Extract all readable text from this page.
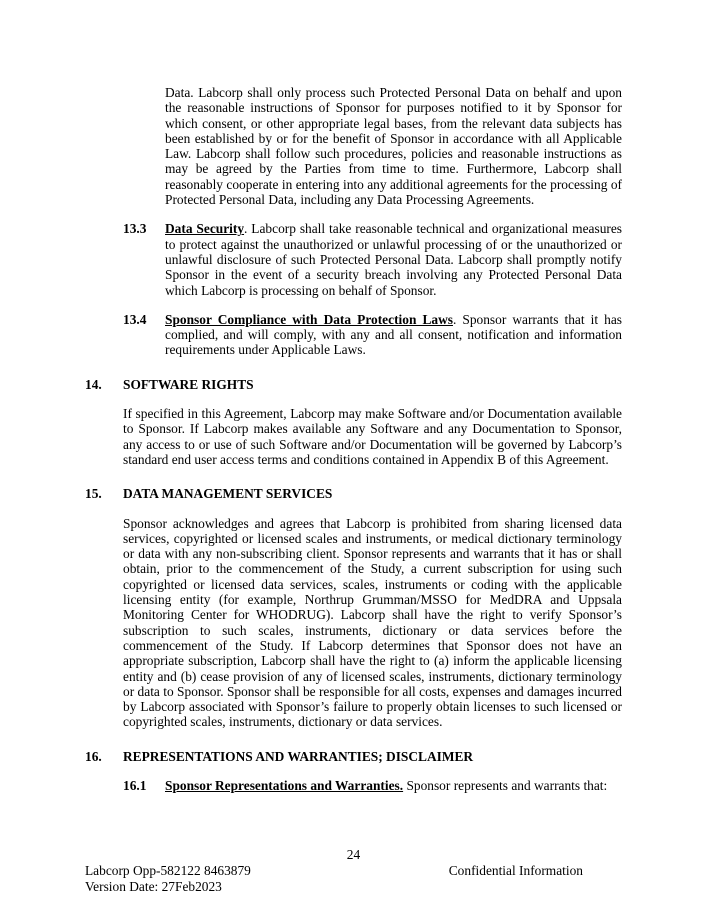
Data. Labcorp shall only process such Protected Personal Data on behalf and upon the reasonable instructions of Sponsor for purposes notified to it by Sponsor for which consent, or other appropriate legal bases, from the relevant data subjects has been established by or for the benefit of Sponsor in accordance with all Applicable Law. Labcorp shall follow such procedures, policies and reasonable instructions as may be agreed by the Parties from time to time. Furthermore, Labcorp shall reasonably cooperate in entering into any additional agreements for the processing of Protected Personal Data, including any Data Processing Agreements.

13.3	Data Security. Labcorp shall take reasonable technical and organizational measures to protect against the unauthorized or unlawful processing of or the unauthorized or unlawful disclosure of such Protected Personal Data. Labcorp shall promptly notify Sponsor in the event of a security breach involving any Protected Personal Data which Labcorp is processing on behalf of Sponsor.

13.4	Sponsor Compliance with Data Protection Laws. Sponsor warrants that it has complied, and will comply, with any and all consent, notification and information requirements under Applicable Laws.

14.	SOFTWARE RIGHTS

If specified in this Agreement, Labcorp may make Software and/or Documentation available to Sponsor. If Labcorp makes available any Software and any Documentation to Sponsor, any access to or use of such Software and/or Documentation will be governed by Labcorp’s standard end user access terms and conditions contained in Appendix B of this Agreement.

15.	DATA MANAGEMENT SERVICES

Sponsor acknowledges and agrees that Labcorp is prohibited from sharing licensed data services, copyrighted or licensed scales and instruments, or medical dictionary terminology or data with any non-subscribing client. Sponsor represents and warrants that it has or shall obtain, prior to the commencement of the Study, a current subscription for using such copyrighted or licensed data services, scales, instruments or coding with the applicable licensing entity (for example, Northrup Grumman/MSSO for MedDRA and Uppsala Monitoring Center for WHODRUG). Labcorp shall have the right to verify Sponsor’s subscription to such scales, instruments, dictionary or data services before the commencement of the Study. If Labcorp determines that Sponsor does not have an appropriate subscription, Labcorp shall have the right to (a) inform the applicable licensing entity and (b) cease provision of any of licensed scales, instruments, dictionary terminology or data to Sponsor. Sponsor shall be responsible for all costs, expenses and damages incurred by Labcorp associated with Sponsor’s failure to properly obtain licenses to such licensed or copyrighted scales, instruments, dictionary or data services.

16.	REPRESENTATIONS AND WARRANTIES; DISCLAIMER
16.1	Sponsor Representations and Warranties. Sponsor represents and warrants that:

24
Labcorp Opp-582122 8463879
Version Date: 27Feb2023
Confidential Information
